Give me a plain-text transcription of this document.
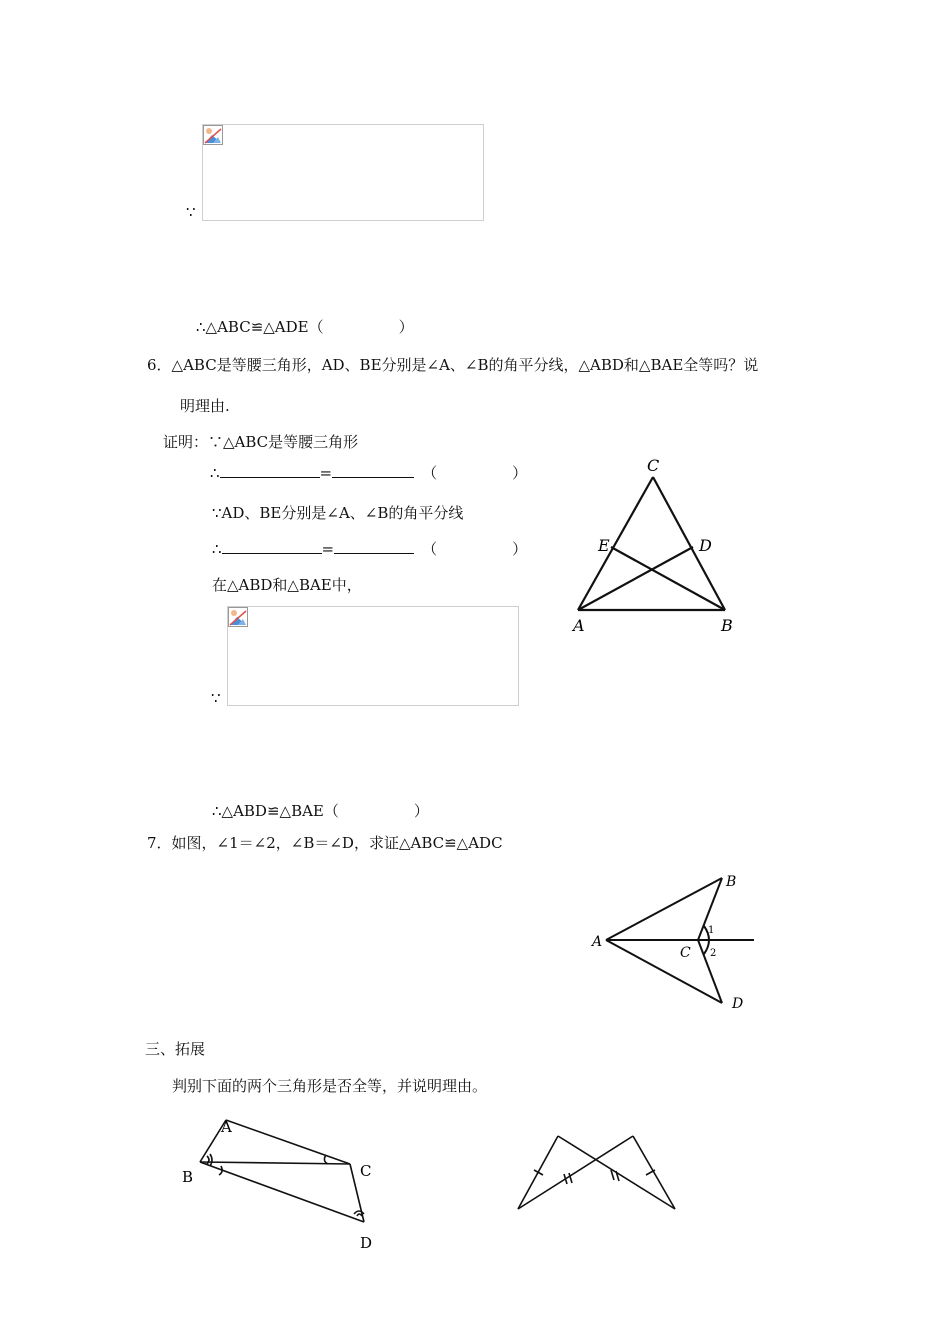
∵
∴△ABC≌△ADE（　　　　　）
6．△ABC是等腰三角形，AD、BE分别是∠A、∠B的角平分线，△ABD和△BAE全等吗？说
明理由.
证明：∵△ABC是等腰三角形
∴	=	（　　　　　）
∵AD、BE分别是∠A、∠B的角平分线
∴	=	（　　　　　）
在△ABD和△BAE中，
∵
∴△ABD≌△BAE（　　　　　）
C
E	D
A	B
7．如图，∠1＝∠2，∠B＝∠D，求证△ABC≌△ADC
A
B
C
D
1
2
三、拓展
判别下面的两个三角形是否全等，并说明理由。
A
B	C
D
